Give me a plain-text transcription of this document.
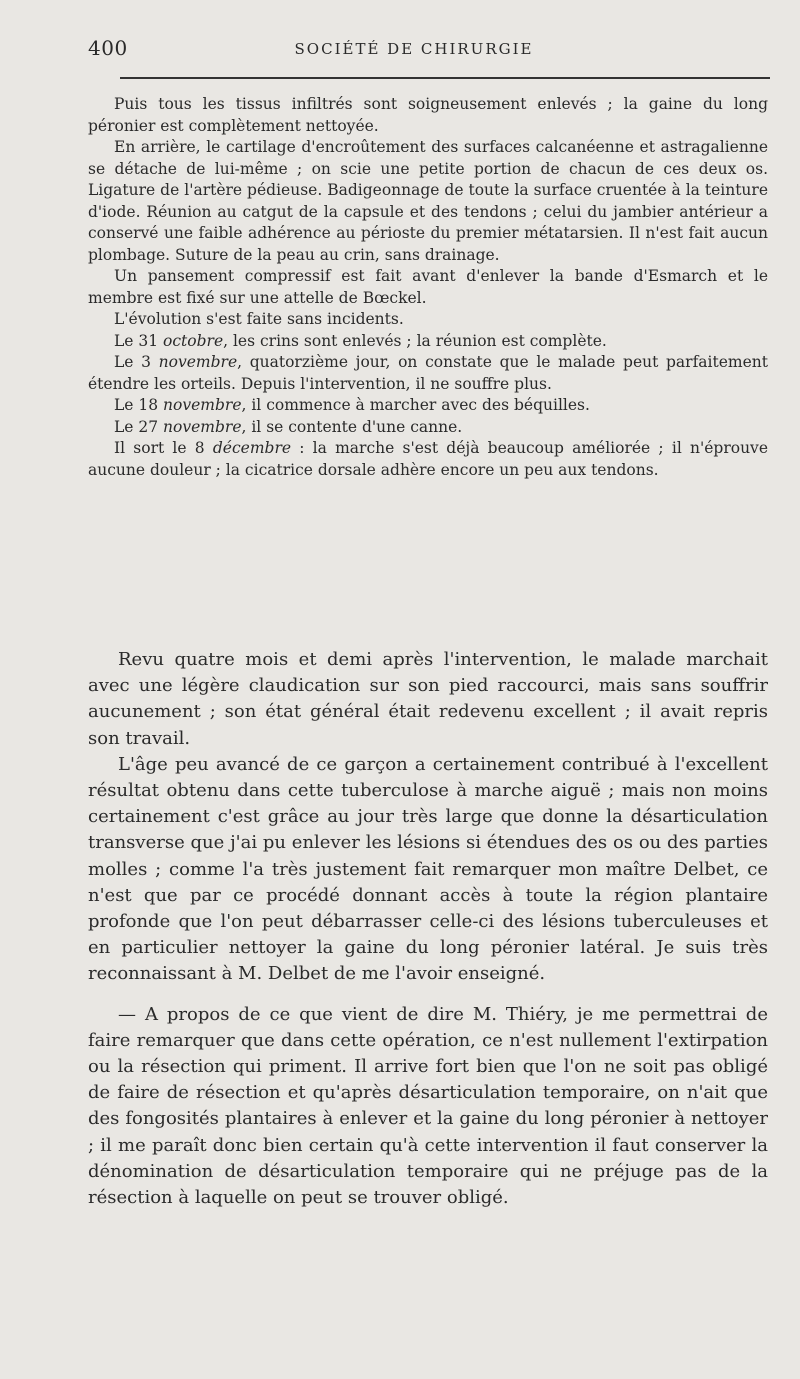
400	SOCIÉTÉ DE CHIRURGIE

Puis tous les tissus infiltrés sont soigneusement enlevés ; la gaine du long péronier est complètement nettoyée.

En arrière, le cartilage d'encroûtement des surfaces calcanéenne et astragalienne se détache de lui-même ; on scie une petite portion de chacun de ces deux os. Ligature de l'artère pédieuse. Badigeonnage de toute la surface cruentée à la teinture d'iode. Réunion au catgut de la capsule et des tendons ; celui du jambier antérieur a conservé une faible adhérence au périoste du premier métatarsien. Il n'est fait aucun plombage. Suture de la peau au crin, sans drainage.

Un pansement compressif est fait avant d'enlever la bande d'Esmarch et le membre est fixé sur une attelle de Bœckel.

L'évolution s'est faite sans incidents.

Le 31 octobre, les crins sont enlevés ; la réunion est complète.

Le 3 novembre, quatorzième jour, on constate que le malade peut parfaitement étendre les orteils. Depuis l'intervention, il ne souffre plus.

Le 18 novembre, il commence à marcher avec des béquilles.

Le 27 novembre, il se contente d'une canne.

Il sort le 8 décembre : la marche s'est déjà beaucoup améliorée ; il n'éprouve aucune douleur ; la cicatrice dorsale adhère encore un peu aux tendons.

Revu quatre mois et demi après l'intervention, le malade marchait avec une légère claudication sur son pied raccourci, mais sans souffrir aucunement ; son état général était redevenu excellent ; il avait repris son travail.

L'âge peu avancé de ce garçon a certainement contribué à l'excellent résultat obtenu dans cette tuberculose à marche aiguë ; mais non moins certainement c'est grâce au jour très large que donne la désarticulation transverse que j'ai pu enlever les lésions si étendues des os ou des parties molles ; comme l'a très justement fait remarquer mon maître Delbet, ce n'est que par ce procédé donnant accès à toute la région plantaire profonde que l'on peut débarrasser celle-ci des lésions tuberculeuses et en particulier nettoyer la gaine du long péronier latéral. Je suis très reconnaissant à M. Delbet de me l'avoir enseigné.

— A propos de ce que vient de dire M. Thiéry, je me permettrai de faire remarquer que dans cette opération, ce n'est nullement l'extirpation ou la résection qui priment. Il arrive fort bien que l'on ne soit pas obligé de faire de résection et qu'après désarticulation temporaire, on n'ait que des fongosités plantaires à enlever et la gaine du long péronier à nettoyer ; il me paraît donc bien certain qu'à cette intervention il faut conserver la dénomination de désarticulation temporaire qui ne préjuge pas de la résection à laquelle on peut se trouver obligé.
